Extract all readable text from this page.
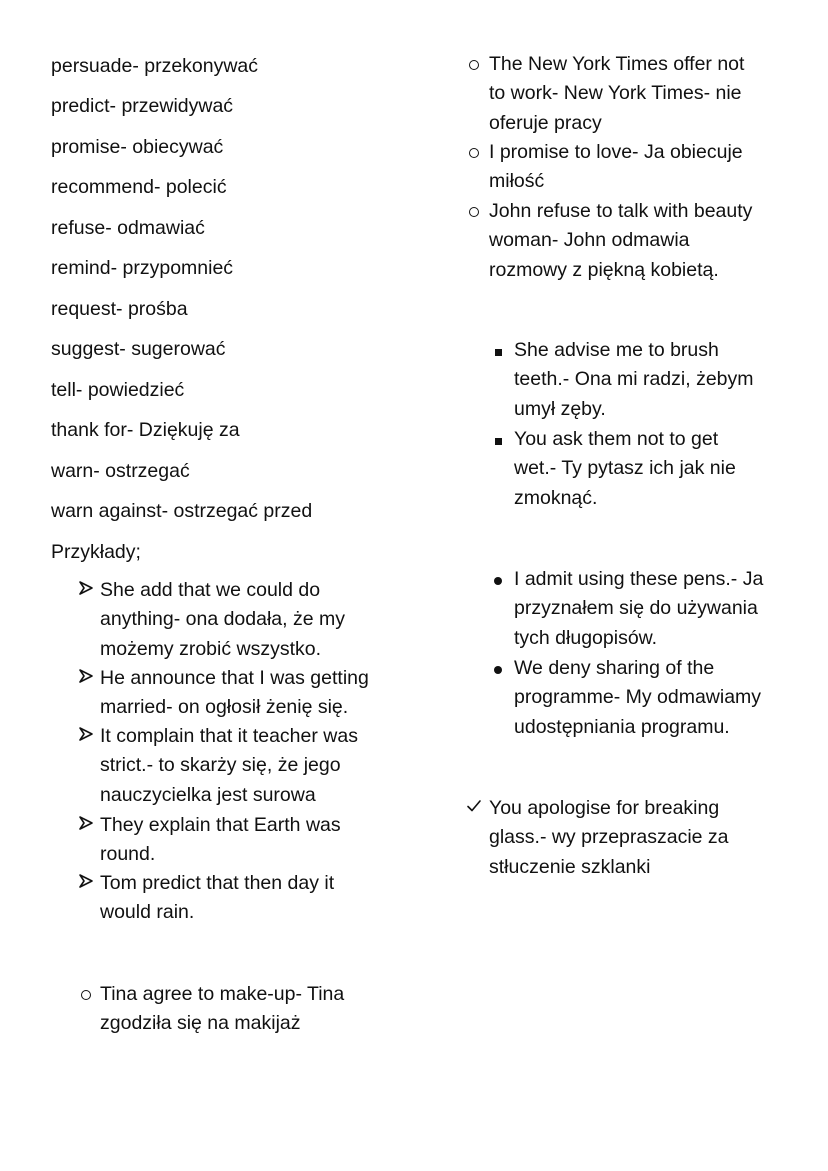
persuade- przekonywać
predict- przewidywać
promise- obiecywać
recommend- polecić
refuse- odmawiać
remind- przypomnieć
request- prośba
suggest- sugerować
tell- powiedzieć
thank for- Dziękuję za
warn- ostrzegać
warn against- ostrzegać przed
Przykłady;
She add that we could do
anything- ona dodała, że my
możemy zrobić wszystko.
He announce that I was getting
married- on ogłosił żenię się.
It complain that it teacher was
strict.- to skarży się, że jego
nauczycielka jest surowa
They explain that Earth was
round.
Tom predict that then day it
would rain.
Tina agree to make-up- Tina
zgodziła się na makijaż
The New York Times offer not
to work- New York Times- nie
oferuje pracy
I promise to love- Ja obiecuje
miłość
John refuse to talk with beauty
woman- John odmawia
rozmowy z piękną kobietą.
She advise me to brush
teeth.- Ona mi radzi, żebym
umył zęby.
You ask them not to get
wet.- Ty pytasz ich jak nie
zmoknąć.
I admit using these pens.- Ja
przyznałem się do używania
tych długopisów.
We deny sharing of the
programme- My odmawiamy
udostępniania programu.
You apologise for breaking
glass.- wy przepraszacie za
stłuczenie szklanki
